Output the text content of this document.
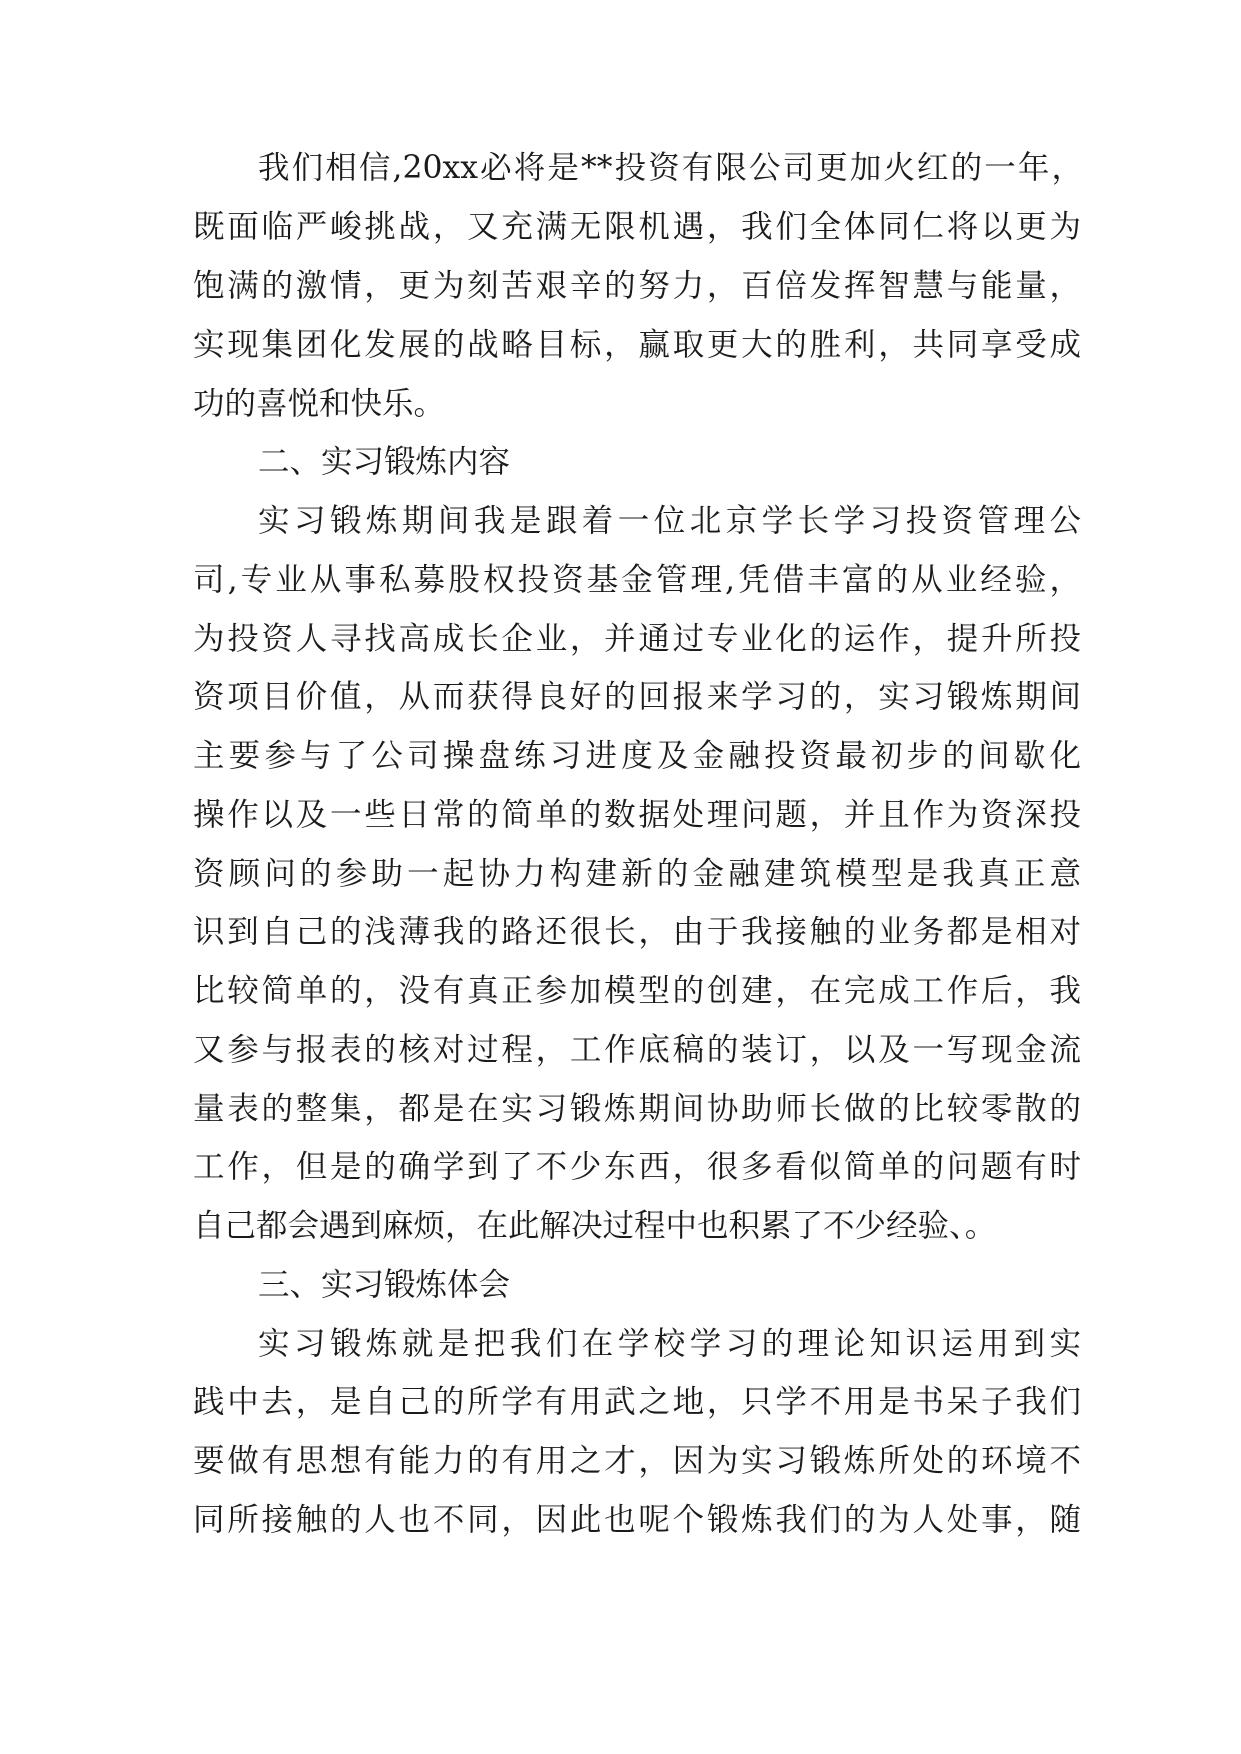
我们相信,20xx必将是**投资有限公司更加火红的一年，
既面临严峻挑战，又充满无限机遇，我们全体同仁将以更为
饱满的激情，更为刻苦艰辛的努力，百倍发挥智慧与能量，
实现集团化发展的战略目标，赢取更大的胜利，共同享受成
功的喜悦和快乐。
二、实习锻炼内容
实习锻炼期间我是跟着一位北京学长学习投资管理公
司,专业从事私募股权投资基金管理,凭借丰富的从业经验，
为投资人寻找高成长企业，并通过专业化的运作，提升所投
资项目价值，从而获得良好的回报来学习的，实习锻炼期间
主要参与了公司操盘练习进度及金融投资最初步的间歇化
操作以及一些日常的简单的数据处理问题，并且作为资深投
资顾问的参助一起协力构建新的金融建筑模型是我真正意
识到自己的浅薄我的路还很长，由于我接触的业务都是相对
比较简单的，没有真正参加模型的创建，在完成工作后，我
又参与报表的核对过程，工作底稿的装订，以及一写现金流
量表的整集，都是在实习锻炼期间协助师长做的比较零散的
工作，但是的确学到了不少东西，很多看似简单的问题有时
自己都会遇到麻烦，在此解决过程中也积累了不少经验、。
三、实习锻炼体会
实习锻炼就是把我们在学校学习的理论知识运用到实
践中去，是自己的所学有用武之地，只学不用是书呆子我们
要做有思想有能力的有用之才，因为实习锻炼所处的环境不
同所接触的人也不同，因此也呢个锻炼我们的为人处事，随
